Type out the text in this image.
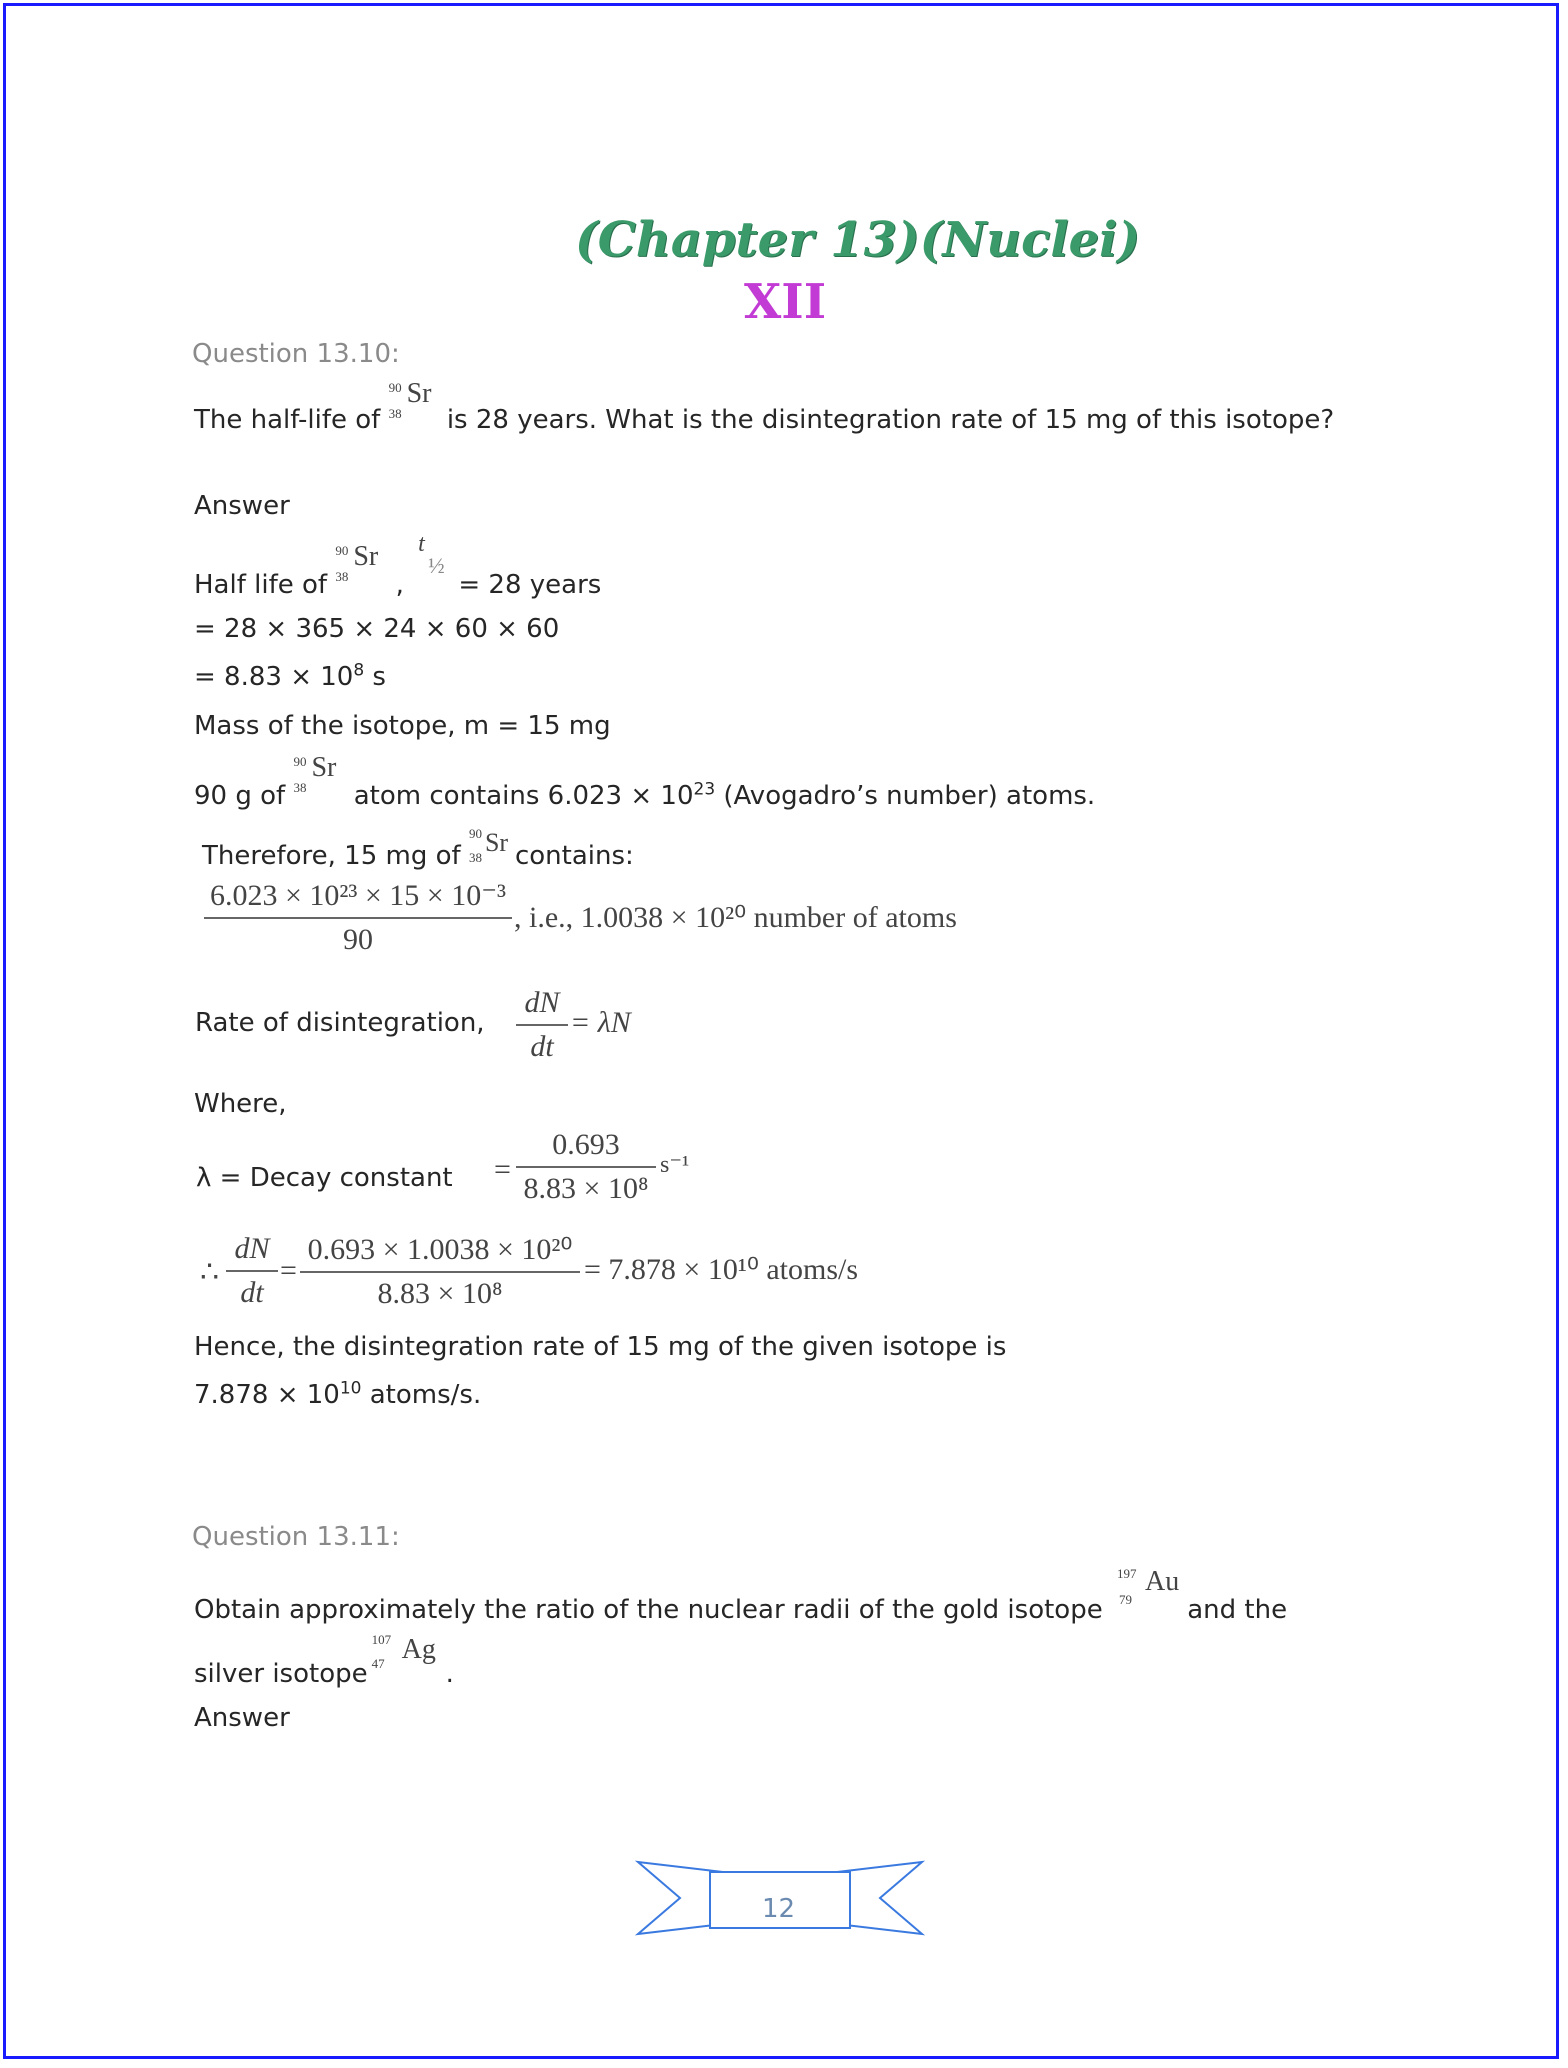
(Chapter 13)(Nuclei)
XII
Question 13.10:
The half-life of
90
38
Sr
is 28 years. What is the disintegration rate of 15 mg of this isotope?
Answer
Half life of
90
38
Sr
,
t
½
= 28 years
= 28 × 365 × 24 × 60 × 60
= $8.83 \times 10^8$ s
Mass of the isotope, m = 15 mg
90 g of
90
38
Sr
atom contains $6.023 \times 10^{23}$ (Avogadro’s number) atoms.
Therefore, 15 mg of
90
38
Sr contains:
$\frac{\text{6.023 × 10²³ × 15 × 10⁻³}}{90}$ , i.e., 1.0038 × 10²⁰ number of atoms
Rate of disintegration, $\frac{dN}{dt} = \lambda N$
Where,
λ = Decay constant = $\frac{0.693}{\text{8.83 × 10⁸}} s^{-1}$
∴ $\frac{dN}{dt} = \frac{\text{0.693 × 1.0038 × 10²⁰}}{\text{8.83 × 10⁸}} = 7.878 \times 10^{10}$ atoms/s
Hence, the disintegration rate of 15 mg of the given isotope is
$7.878 \times 10^{10}$ atoms/s.
Question 13.11:
Obtain approximately the ratio of the nuclear radii of the gold isotope
197
79
Au
and the
silver isotope
107
47 Ag
.
Answer
12
